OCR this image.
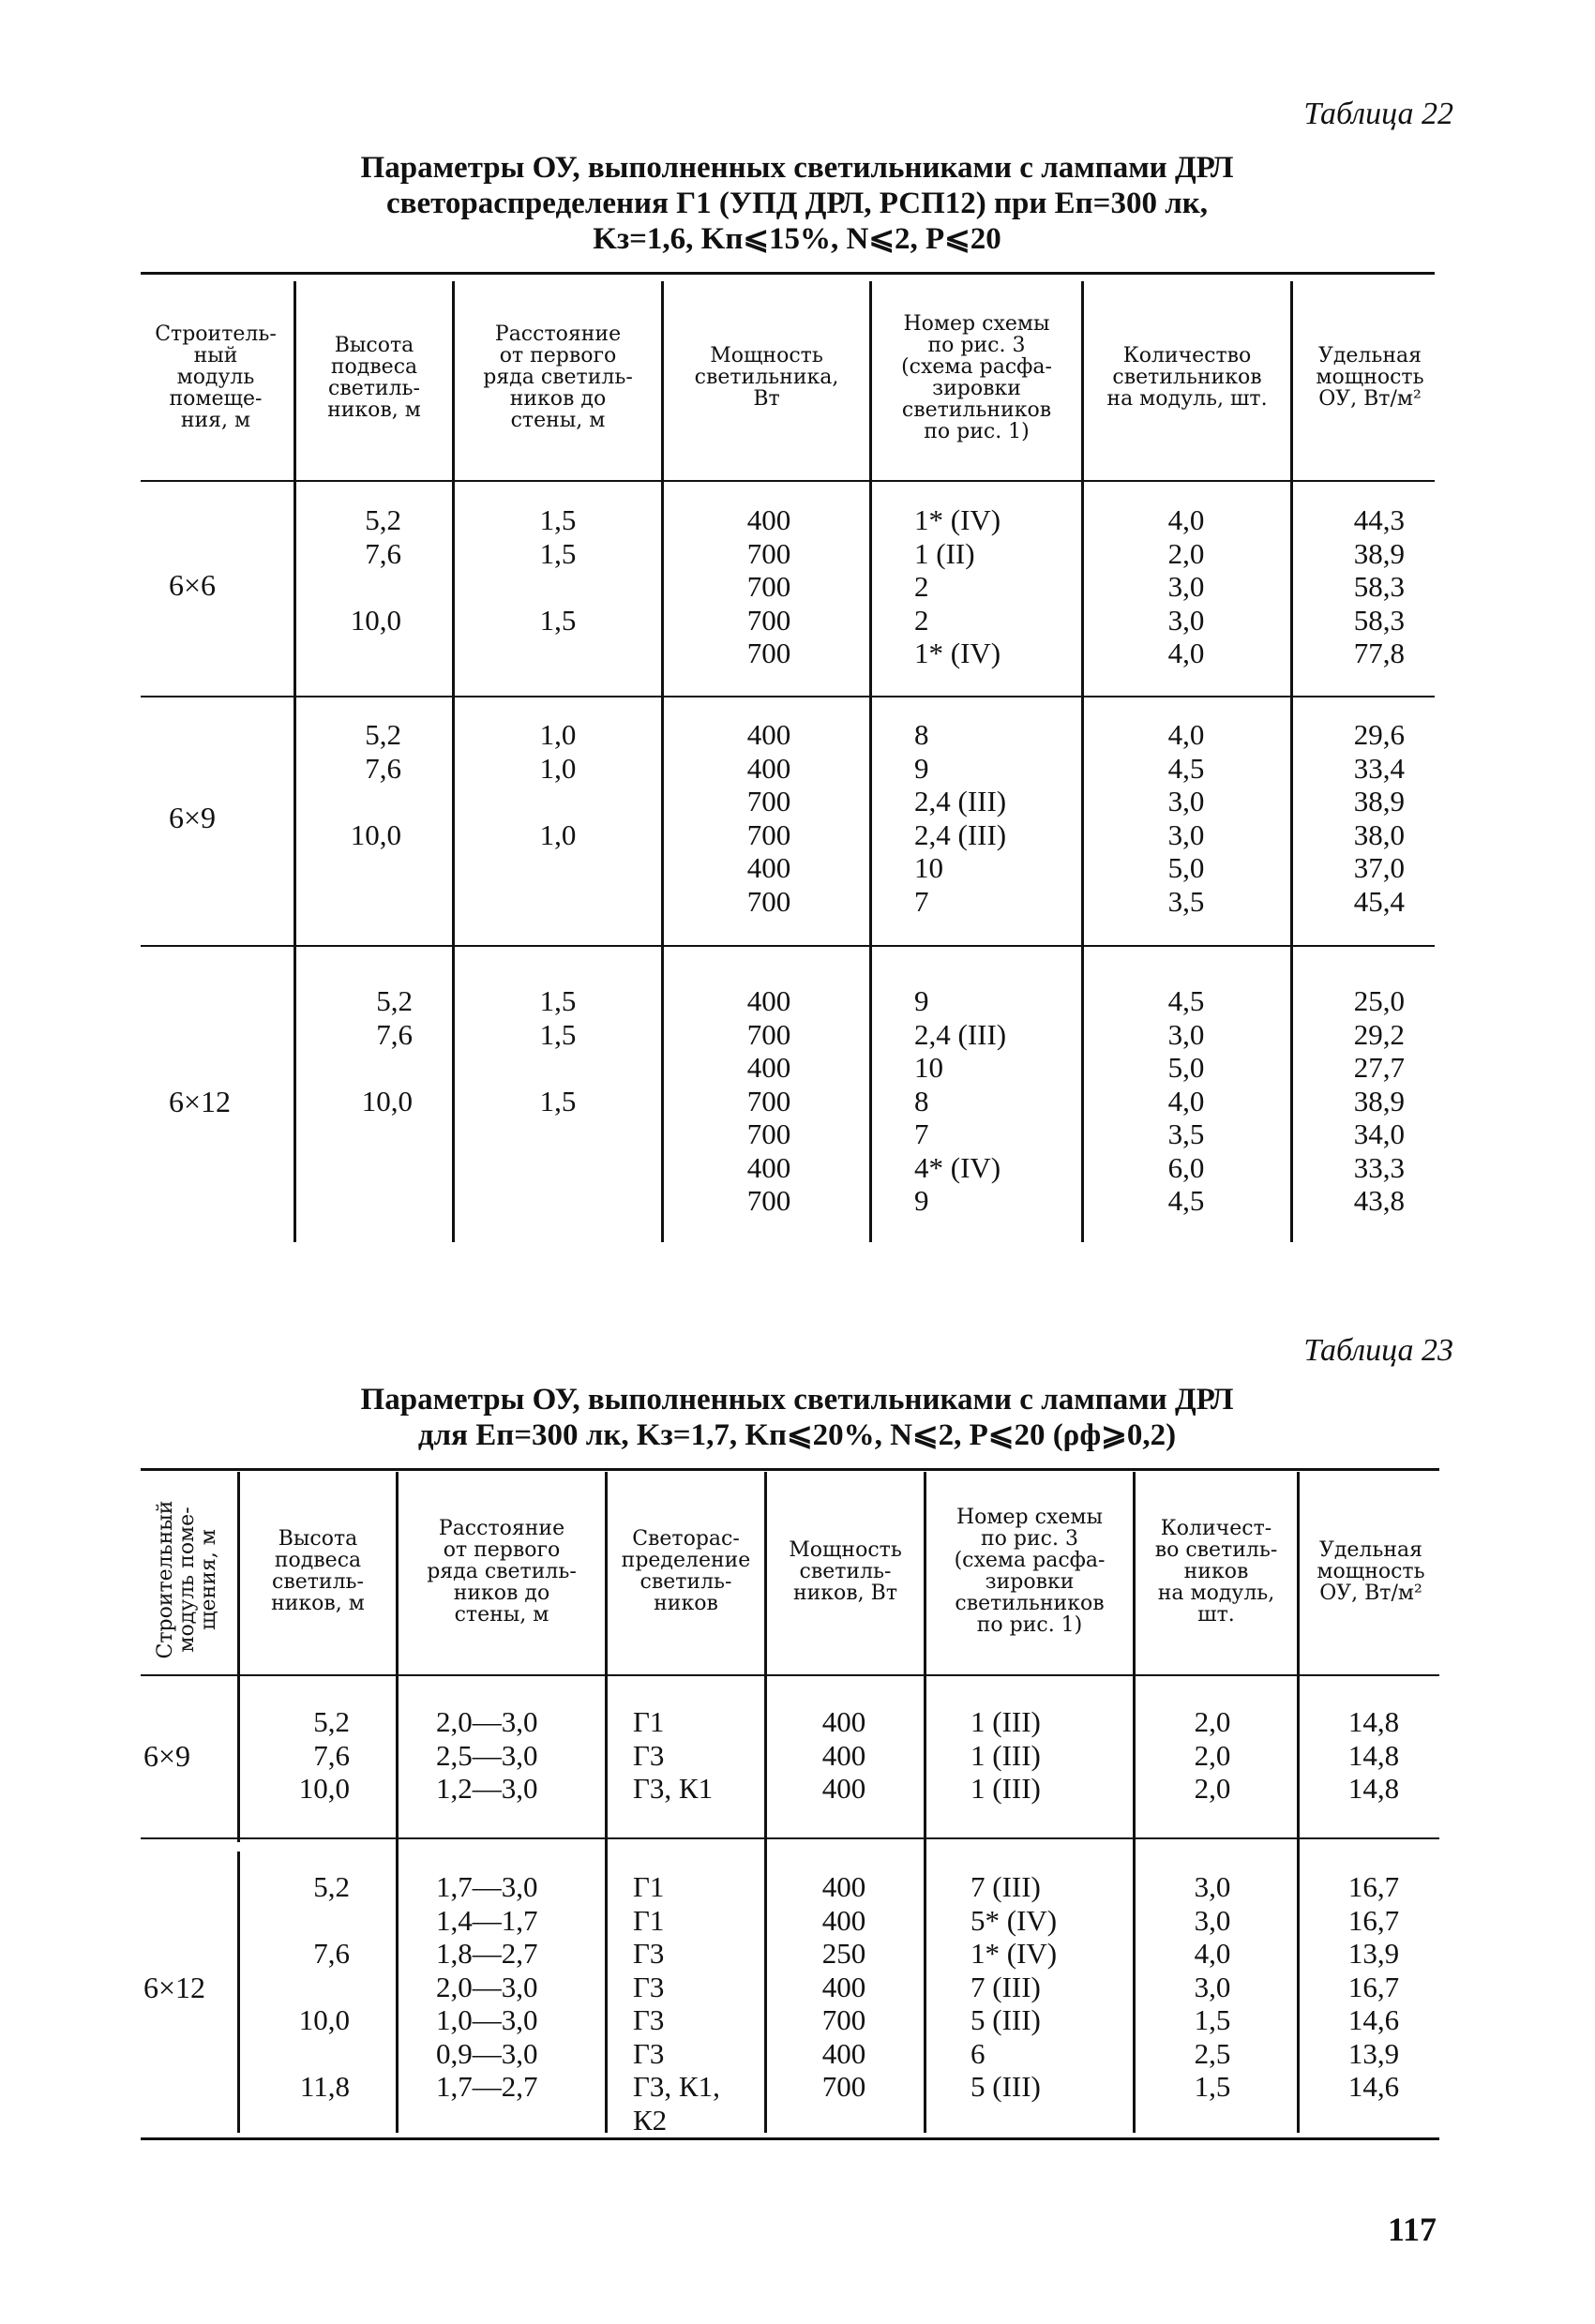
Таблица 22
Параметры ОУ, выполненных светильниками с лампами ДРЛ
светораспределения Г1 (УПД ДРЛ, РСП12) при Eп=300 лк,
Kз=1,6, Kп⩽15%, N⩽2, P⩽20
Строитель-
ный
модуль
помеще-
ния, м
Высота
подвеса
светиль-
ников, м
Расстояние
от первого
ряда светиль-
ников до
стены, м
Мощность
светильника,
Вт
Номер схемы
по рис. 3
(схема расфа-
зировки
светильников
по рис. 1)
Количество
светильников
на модуль, шт.
Удельная
мощность
ОУ, Вт/м²
6×6
5,2
7,6

10,0
1,5
1,5

1,5
400
700
700
700
700
1* (IV)
1 (II)
2
2
1* (IV)
4,0
2,0
3,0
3,0
4,0
44,3
38,9
58,3
58,3
77,8
6×9
5,2
7,6

10,0
1,0
1,0

1,0
400
400
700
700
400
700
8
9
2,4 (III)
2,4 (III)
10
7
4,0
4,5
3,0
3,0
5,0
3,5
29,6
33,4
38,9
38,0
37,0
45,4
6×12
5,2
7,6

10,0
1,5
1,5

1,5
400
700
400
700
700
400
700
9
2,4 (III)
10
8
7
4* (IV)
9
4,5
3,0
5,0
4,0
3,5
6,0
4,5
25,0
29,2
27,7
38,9
34,0
33,3
43,8
Таблица 23
Параметры ОУ, выполненных светильниками с лампами ДРЛ
для Eп=300 лк, Kз=1,7, Kп⩽20%, N⩽2, P⩽20 (ρф⩾0,2)
Строительный
модуль поме-
щения, м	Высота
подвеса
светиль-
ников, м
Расстояние
от первого
ряда светиль-
ников до
стены, м
Светорас-
пределение
светиль-
ников
Мощность
светиль-
ников, Вт
Номер схемы
по рис. 3
(схема расфа-
зировки
светильников
по рис. 1)
Количест-
во светиль-
ников
на модуль,
шт.
Удельная
мощность
ОУ, Вт/м²
6×9
5,2
7,6
10,0
2,0—3,0
2,5—3,0
1,2—3,0
Г1
Г3
Г3, К1
400
400
400
1 (III)
1 (III)
1 (III)
2,0
2,0
2,0
14,8
14,8
14,8
6×12
5,2

7,6

10,0

11,8
1,7—3,0
1,4—1,7
1,8—2,7
2,0—3,0
1,0—3,0
0,9—3,0
1,7—2,7
Г1
Г1
Г3
Г3
Г3
Г3
Г3, К1,
К2
400
400
250
400
700
400
700
7 (III)
5* (IV)
1* (IV)
7 (III)
5 (III)
6
5 (III)
3,0
3,0
4,0
3,0
1,5
2,5
1,5
16,7
16,7
13,9
16,7
14,6
13,9
14,6
117
